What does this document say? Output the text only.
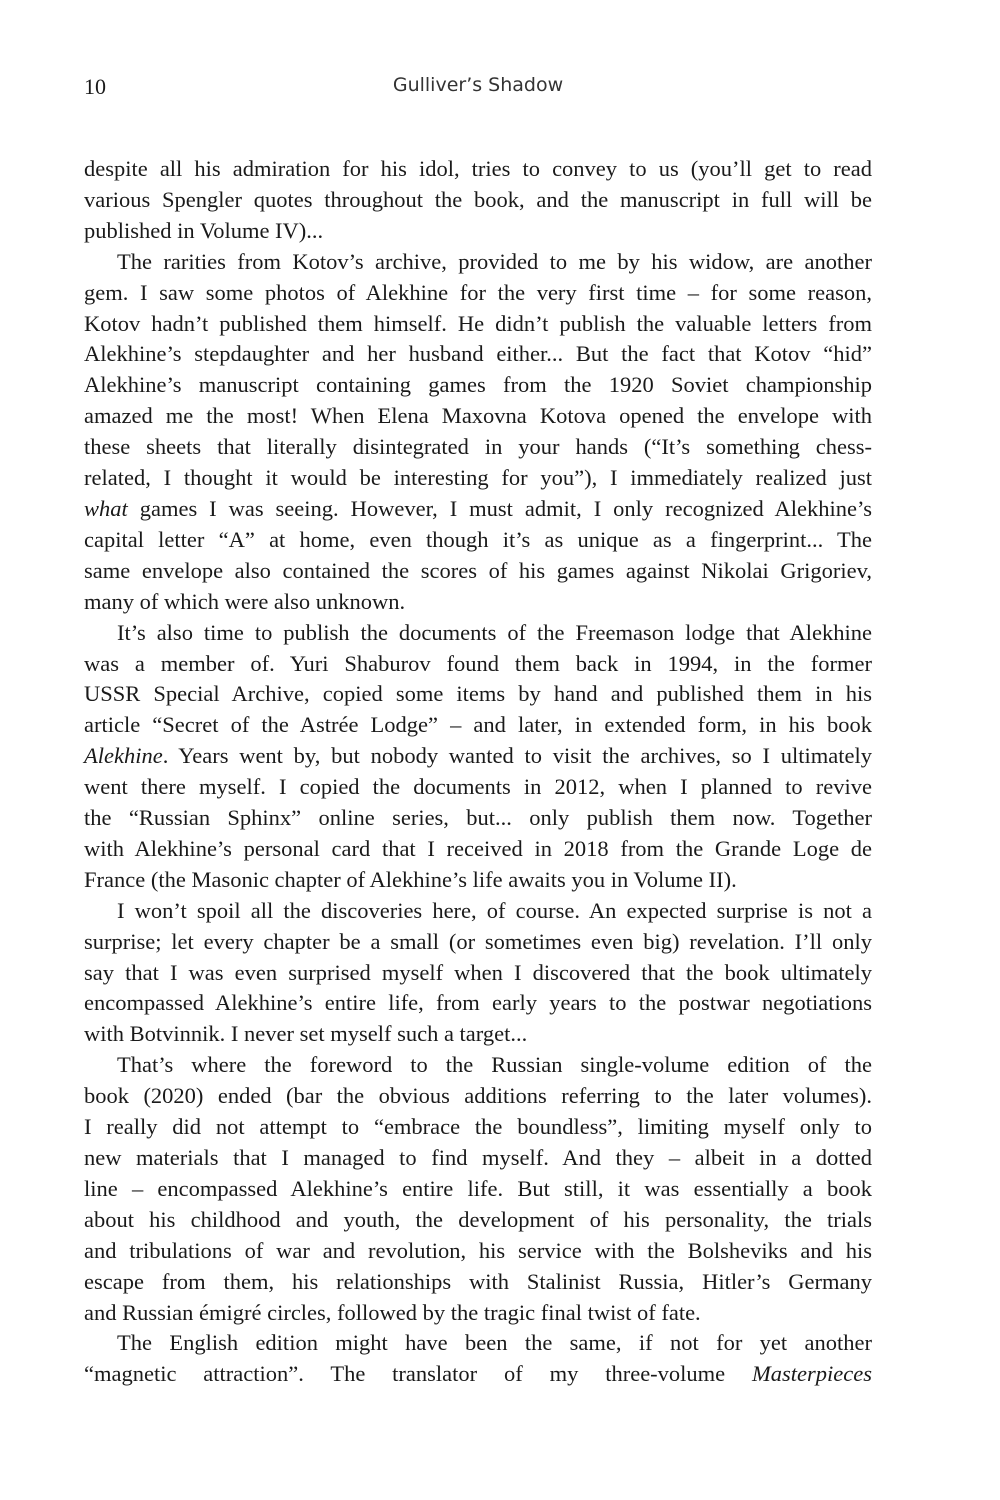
10	Gulliver’s Shadow

despite all his admiration for his idol, tries to convey to us (you’ll get to read
various Spengler quotes throughout the book, and the manuscript in full will be
published in Volume IV)...

The rarities from Kotov’s archive, provided to me by his widow, are another
gem. I saw some photos of Alekhine for the very first time – for some reason,
Kotov hadn’t published them himself. He didn’t publish the valuable letters from
Alekhine’s stepdaughter and her husband either... But the fact that Kotov “hid”
Alekhine’s manuscript containing games from the 1920 Soviet championship
amazed me the most! When Elena Maxovna Kotova opened the envelope with
these sheets that literally disintegrated in your hands (“It’s something chess-
related, I thought it would be interesting for you”), I immediately realized just
what games I was seeing. However, I must admit, I only recognized Alekhine’s
capital letter “A” at home, even though it’s as unique as a fingerprint... The
same envelope also contained the scores of his games against Nikolai Grigoriev,
many of which were also unknown.

It’s also time to publish the documents of the Freemason lodge that Alekhine
was a member of. Yuri Shaburov found them back in 1994, in the former
USSR Special Archive, copied some items by hand and published them in his
article “Secret of the Astrée Lodge” – and later, in extended form, in his book
Alekhine. Years went by, but nobody wanted to visit the archives, so I ultimately
went there myself. I copied the documents in 2012, when I planned to revive
the “Russian Sphinx” online series, but... only publish them now. Together
with Alekhine’s personal card that I received in 2018 from the Grande Loge de
France (the Masonic chapter of Alekhine’s life awaits you in Volume II).

I won’t spoil all the discoveries here, of course. An expected surprise is not a
surprise; let every chapter be a small (or sometimes even big) revelation. I’ll only
say that I was even surprised myself when I discovered that the book ultimately
encompassed Alekhine’s entire life, from early years to the postwar negotiations
with Botvinnik. I never set myself such a target...

That’s where the foreword to the Russian single-volume edition of the
book (2020) ended (bar the obvious additions referring to the later volumes).
I really did not attempt to “embrace the boundless”, limiting myself only to
new materials that I managed to find myself. And they – albeit in a dotted
line – encompassed Alekhine’s entire life. But still, it was essentially a book
about his childhood and youth, the development of his personality, the trials
and tribulations of war and revolution, his service with the Bolsheviks and his
escape from them, his relationships with Stalinist Russia, Hitler’s Germany
and Russian émigré circles, followed by the tragic final twist of fate.

The English edition might have been the same, if not for yet another
“magnetic attraction”. The translator of my three-volume Masterpieces
